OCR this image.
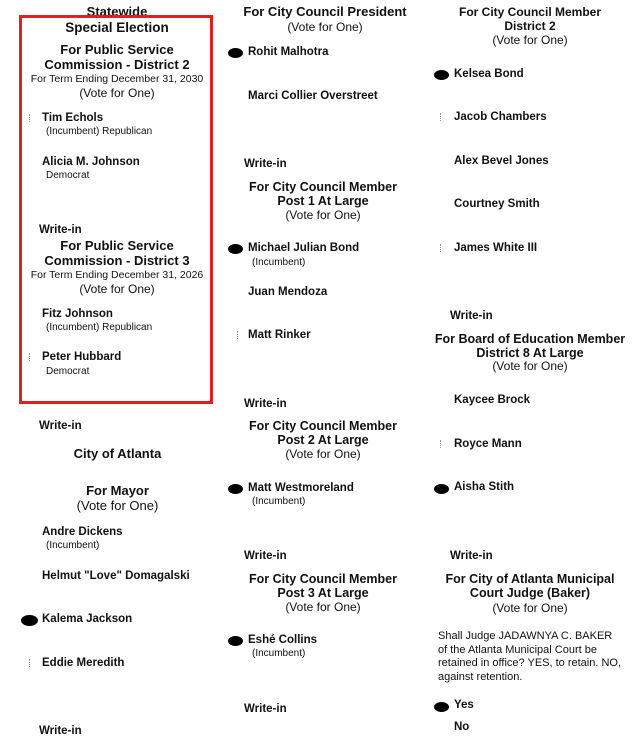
Statewide
Special Election
For Public Service
Commission - District 2
For Term Ending December 31, 2030
(Vote for One)
Tim Echols
(Incumbent) Republican
Alicia M. Johnson
Democrat
Write-in
For Public Service
Commission - District 3
For Term Ending December 31, 2026
(Vote for One)
Fitz Johnson
(Incumbent) Republican
Peter Hubbard
Democrat
Write-in
City of Atlanta
For Mayor
(Vote for One)
Andre Dickens
(Incumbent)
Helmut "Love" Domagalski
Kalema Jackson
Eddie Meredith
Write-in
For City Council President
(Vote for One)
Rohit Malhotra
Marci Collier Overstreet
Write-in
For City Council Member
Post 1 At Large
(Vote for One)
Michael Julian Bond
(Incumbent)
Juan Mendoza
Matt Rinker
Write-in
For City Council Member
Post 2 At Large
(Vote for One)
Matt Westmoreland
(Incumbent)
Write-in
For City Council Member
Post 3 At Large
(Vote for One)
Eshé Collins
(Incumbent)
Write-in
For City Council Member
District 2
(Vote for One)
Kelsea Bond
Jacob Chambers
Alex Bevel Jones
Courtney Smith
James White III
Write-in
For Board of Education Member
District 8 At Large
(Vote for One)
Kaycee Brock
Royce Mann
Aisha Stith
Write-in
For City of Atlanta Municipal
Court Judge (Baker)
(Vote for One)
Shall Judge JADAWNYA C. BAKER of the Atlanta Municipal Court be retained in office? YES, to retain. NO, against retention.
Yes
No
